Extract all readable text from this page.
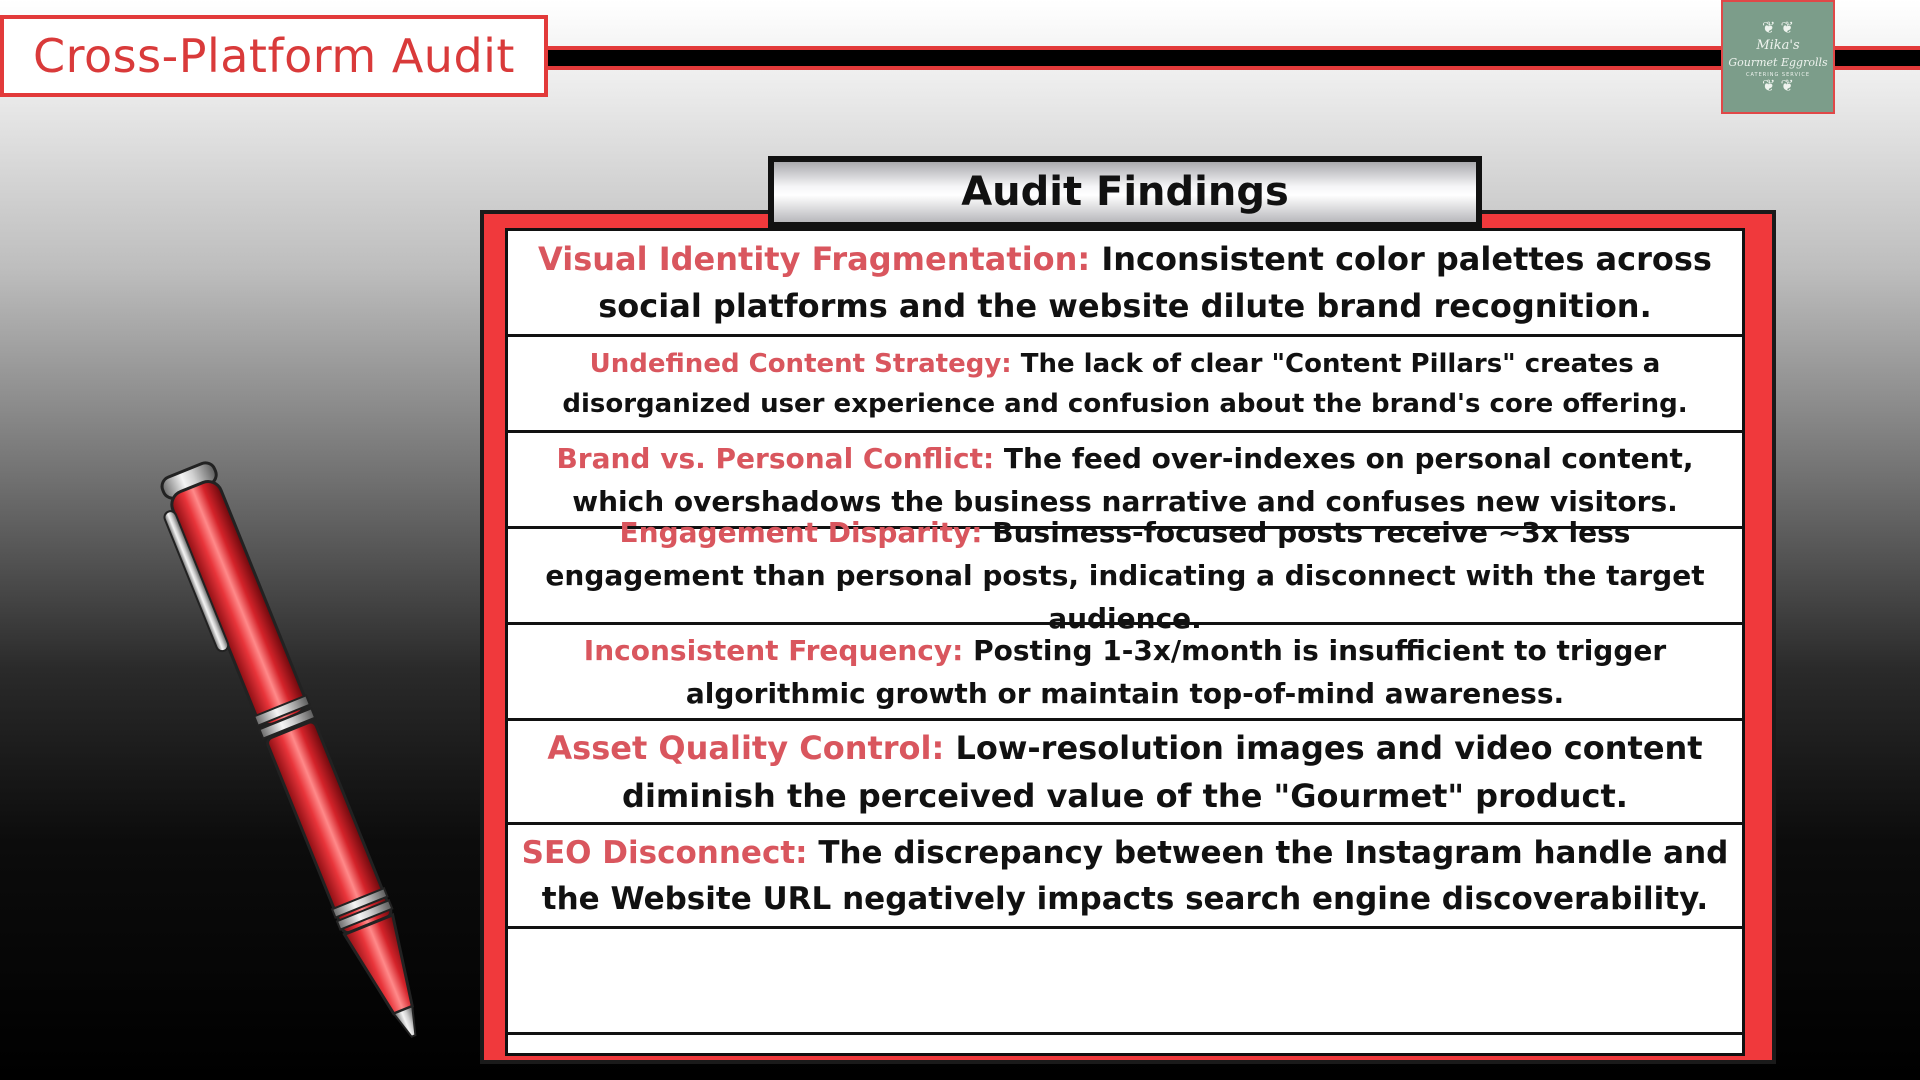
Cross-Platform Audit
❦ ❦
Mika's
Gourmet Eggrolls
CATERING SERVICE
❦ ❦

Visual Identity Fragmentation: Inconsistent color palettes across social platforms and the website dilute brand recognition.

Undefined Content Strategy: The lack of clear "Content Pillars" creates a disorganized user experience and confusion about the brand's core offering.

Brand vs. Personal Conflict: The feed over-indexes on personal content, which overshadows the business narrative and confuses new visitors.

Engagement Disparity: Business-focused posts receive ~3x less engagement than personal posts, indicating a disconnect with the target audience.

Inconsistent Frequency: Posting 1-3x/month is insufficient to trigger algorithmic growth or maintain top-of-mind awareness.

Asset Quality Control: Low-resolution images and video content diminish the perceived value of the "Gourmet" product.

SEO Disconnect: The discrepancy between the Instagram handle and the Website URL negatively impacts search engine discoverability.

Audit Findings
